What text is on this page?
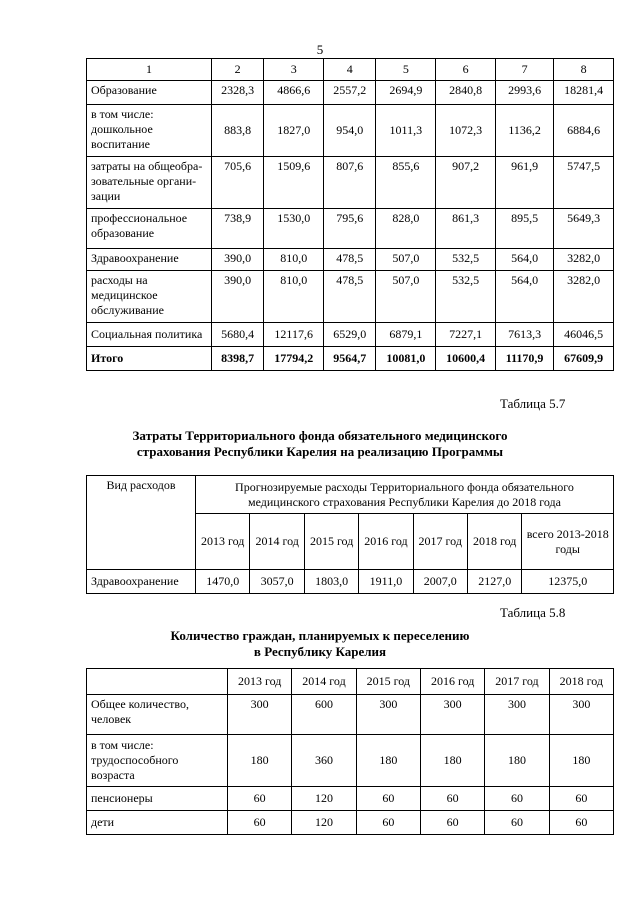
5
1	2	3	4	5	6	7	8
Образование	2328,3	4866,6	2557,2	2694,9	2840,8	2993,6	18281,4
в том числе: дошкольное воспитание	883,8	1827,0	954,0	1011,3	1072,3	1136,2	6884,6
затраты на общеобра-зовательные органи-зации	705,6	1509,6	807,6	855,6	907,2	961,9	5747,5
профессиональное образование	738,9	1530,0	795,6	828,0	861,3	895,5	5649,3
Здравоохранение	390,0	810,0	478,5	507,0	532,5	564,0	3282,0
расходы на медицинское обслуживание	390,0	810,0	478,5	507,0	532,5	564,0	3282,0
Социальная политика	5680,4	12117,6	6529,0	6879,1	7227,1	7613,3	46046,5
Итого	8398,7	17794,2	9564,7	10081,0	10600,4	11170,9	67609,9
Таблица 5.7
Затраты Территориального фонда обязательного медицинского
страхования Республики Карелия на реализацию Программы
Вид расходов	Прогнозируемые расходы Территориального фонда обязательного медицинского страхования Республики Карелия до 2018 года						
	2013 год	2014 год	2015 год	2016 год	2017 год	2018 год	всего 2013-2018 годы
Здравоохранение	1470,0	3057,0	1803,0	1911,0	2007,0	2127,0	12375,0
Таблица 5.8
Количество граждан, планируемых к переселению
в Республику Карелия
	2013 год	2014 год	2015 год	2016 год	2017 год	2018 год
Общее количество, человек	300	600	300	300	300	300
в том числе: трудоспособного возраста	180	360	180	180	180	180
пенсионеры	60	120	60	60	60	60
дети	60	120	60	60	60	60
